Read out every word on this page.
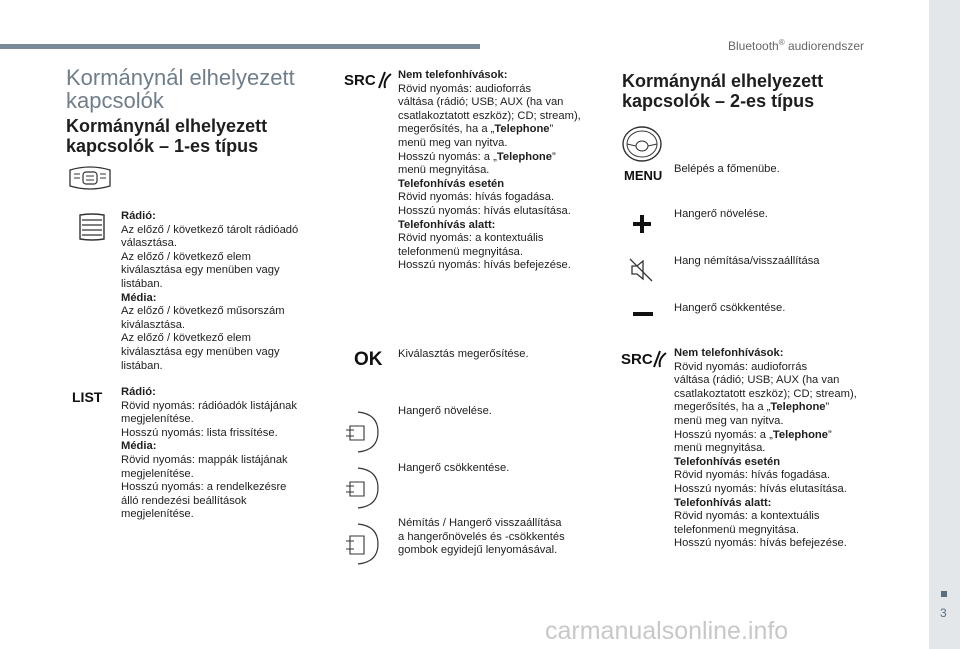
Bluetooth® audiorendszer
3
carmanualsonline.info
Kormánynál elhelyezett kapcsolók
Kormánynál elhelyezett kapcsolók – 1-es típus
Rádió:
Az előző / következő tárolt rádióadó
választása.
Az előző / következő elem
kiválasztása egy menüben vagy
listában.
Média:
Az előző / következő műsorszám
kiválasztása.
Az előző / következő elem
kiválasztása egy menüben vagy
listában.
LIST Rádió:
Rövid nyomás: rádióadók listájának
megjelenítése.
Hosszú nyomás: lista frissítése.
Média:
Rövid nyomás: mappák listájának
megjelenítése.
Hosszú nyomás: a rendelkezésre
álló rendezési beállítások
megjelenítése.
SRC Nem telefonhívások:
Rövid nyomás: audioforrás
váltása (rádió; USB; AUX (ha van
csatlakoztatott eszköz); CD; stream),
megerősítés, ha a „Telephone”
menü meg van nyitva.
Hosszú nyomás: a „Telephone”
menü megnyitása.
Telefonhívás esetén
Rövid nyomás: hívás fogadása.
Hosszú nyomás: hívás elutasítása.
Telefonhívás alatt:
Rövid nyomás: a kontextuális
telefonmenü megnyitása.
Hosszú nyomás: hívás befejezése.
OK Kiválasztás megerősítése.
Hangerő növelése.
Hangerő csökkentése.
Némítás / Hangerő visszaállítása
a hangerőnövelés és -csökkentés
gombok egyidejű lenyomásával.
Kormánynál elhelyezett kapcsolók – 2-es típus
MENU Belépés a főmenübe.
Hangerő növelése.
Hang némítása/visszaállítása
Hangerő csökkentése.
SRC Nem telefonhívások:
Rövid nyomás: audioforrás
váltása (rádió; USB; AUX (ha van
csatlakoztatott eszköz); CD; stream),
megerősítés, ha a „Telephone”
menü meg van nyitva.
Hosszú nyomás: a „Telephone”
menü megnyitása.
Telefonhívás esetén
Rövid nyomás: hívás fogadása.
Hosszú nyomás: hívás elutasítása.
Telefonhívás alatt:
Rövid nyomás: a kontextuális
telefonmenü megnyitása.
Hosszú nyomás: hívás befejezése.
